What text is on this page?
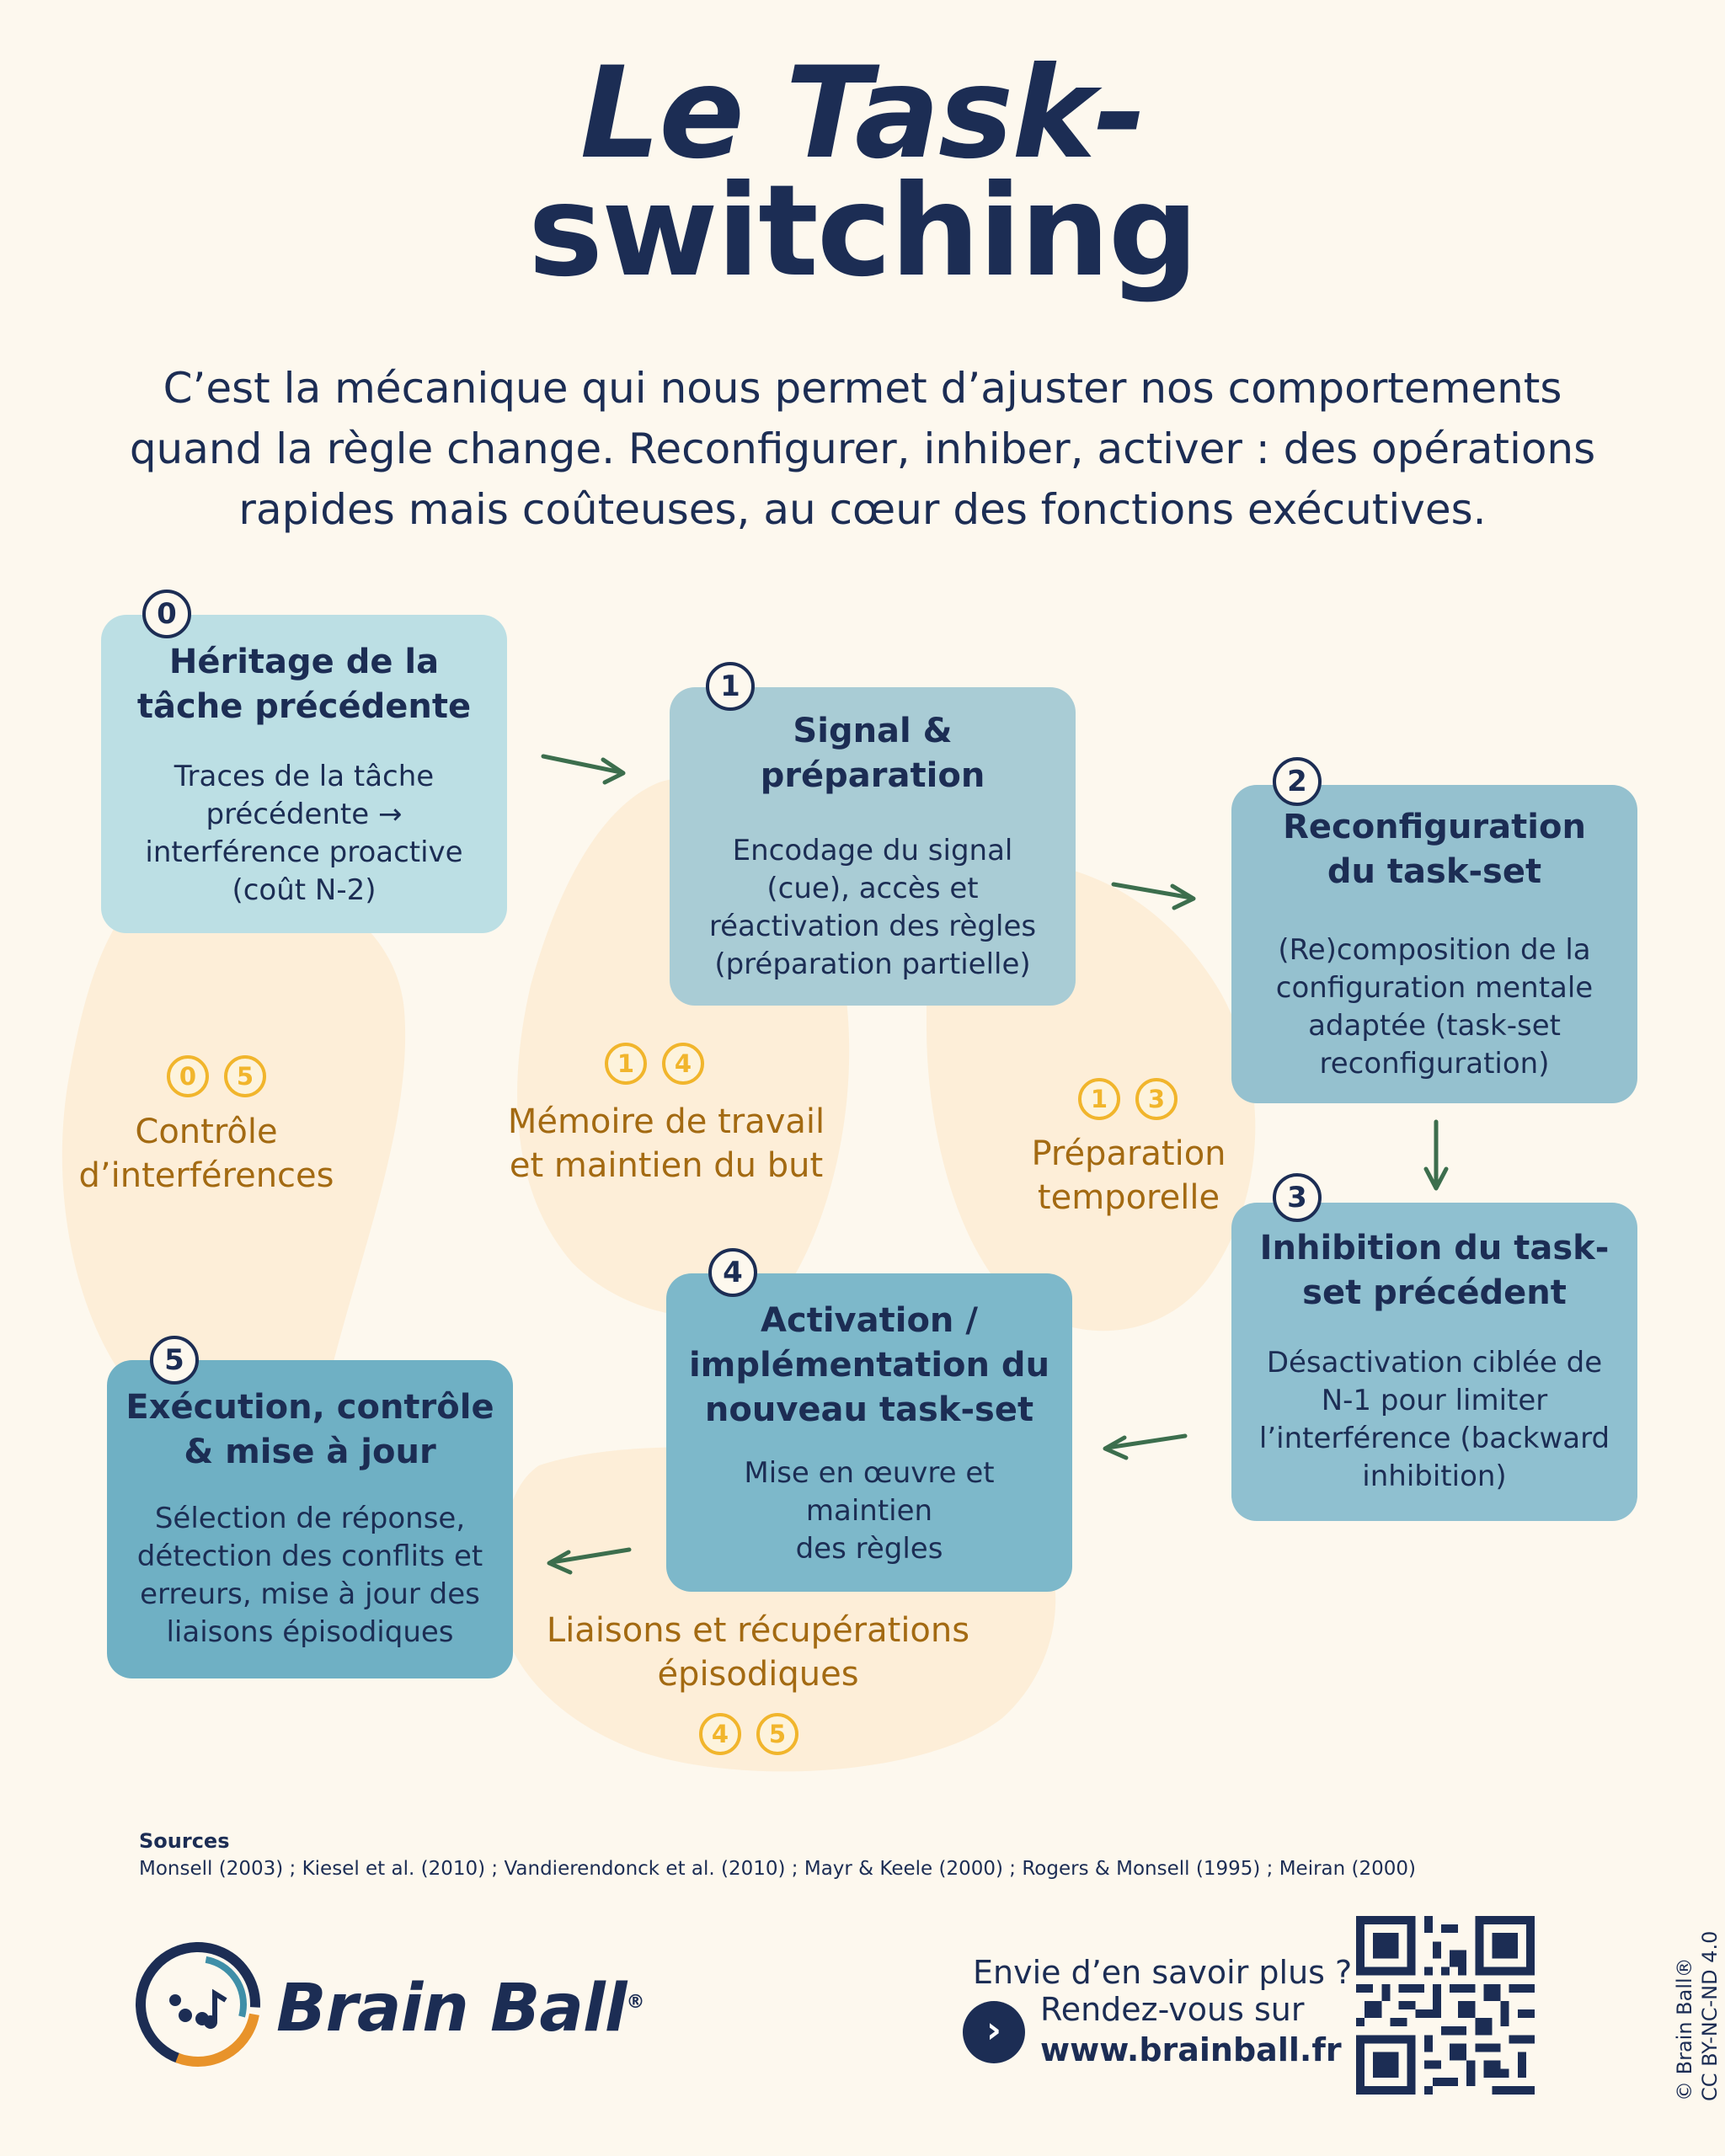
Le Task-
switching

C’est la mécanique qui nous permet d’ajuster nos comportements
quand la règle change. Reconfigurer, inhiber, activer : des opérations
rapides mais coûteuses, au cœur des fonctions exécutives.

Héritage de la
tâche précédente

Traces de la tâche
précédente →
interférence proactive
(coût N-2)

0
Signal &
préparation

Encodage du signal
(cue), accès et
réactivation des règles
(préparation partielle)

1
Reconfiguration
du task-set

(Re)composition de la
configuration mentale
adaptée (task-set
reconfiguration)

2
Inhibition du task-
set précédent

Désactivation ciblée de
N-1 pour limiter
l’interférence (backward
inhibition)

3
Activation /
implémentation du
nouveau task-set

Mise en œuvre et maintien
des règles

4
Exécution, contrôle
& mise à jour

Sélection de réponse,
détection des conflits et
erreurs, mise à jour des
liaisons épisodiques

5
0	5
Contrôle
d’interférences
1	4
Mémoire de travail
et maintien du but
1	3
Préparation
temporelle
Liaisons et récupérations
épisodiques
4	5
Sources
Monsell (2003) ; Kiesel et al. (2010) ; Vandierendonck et al. (2010) ; Mayr & Keele (2000) ; Rogers & Monsell (1995) ; Meiran (2000)
Brain Ball®
Envie d’en savoir plus ?
›	Rendez-vous sur
www.brainball.fr	© Brain Ball®
CC BY-NC-ND 4.0
